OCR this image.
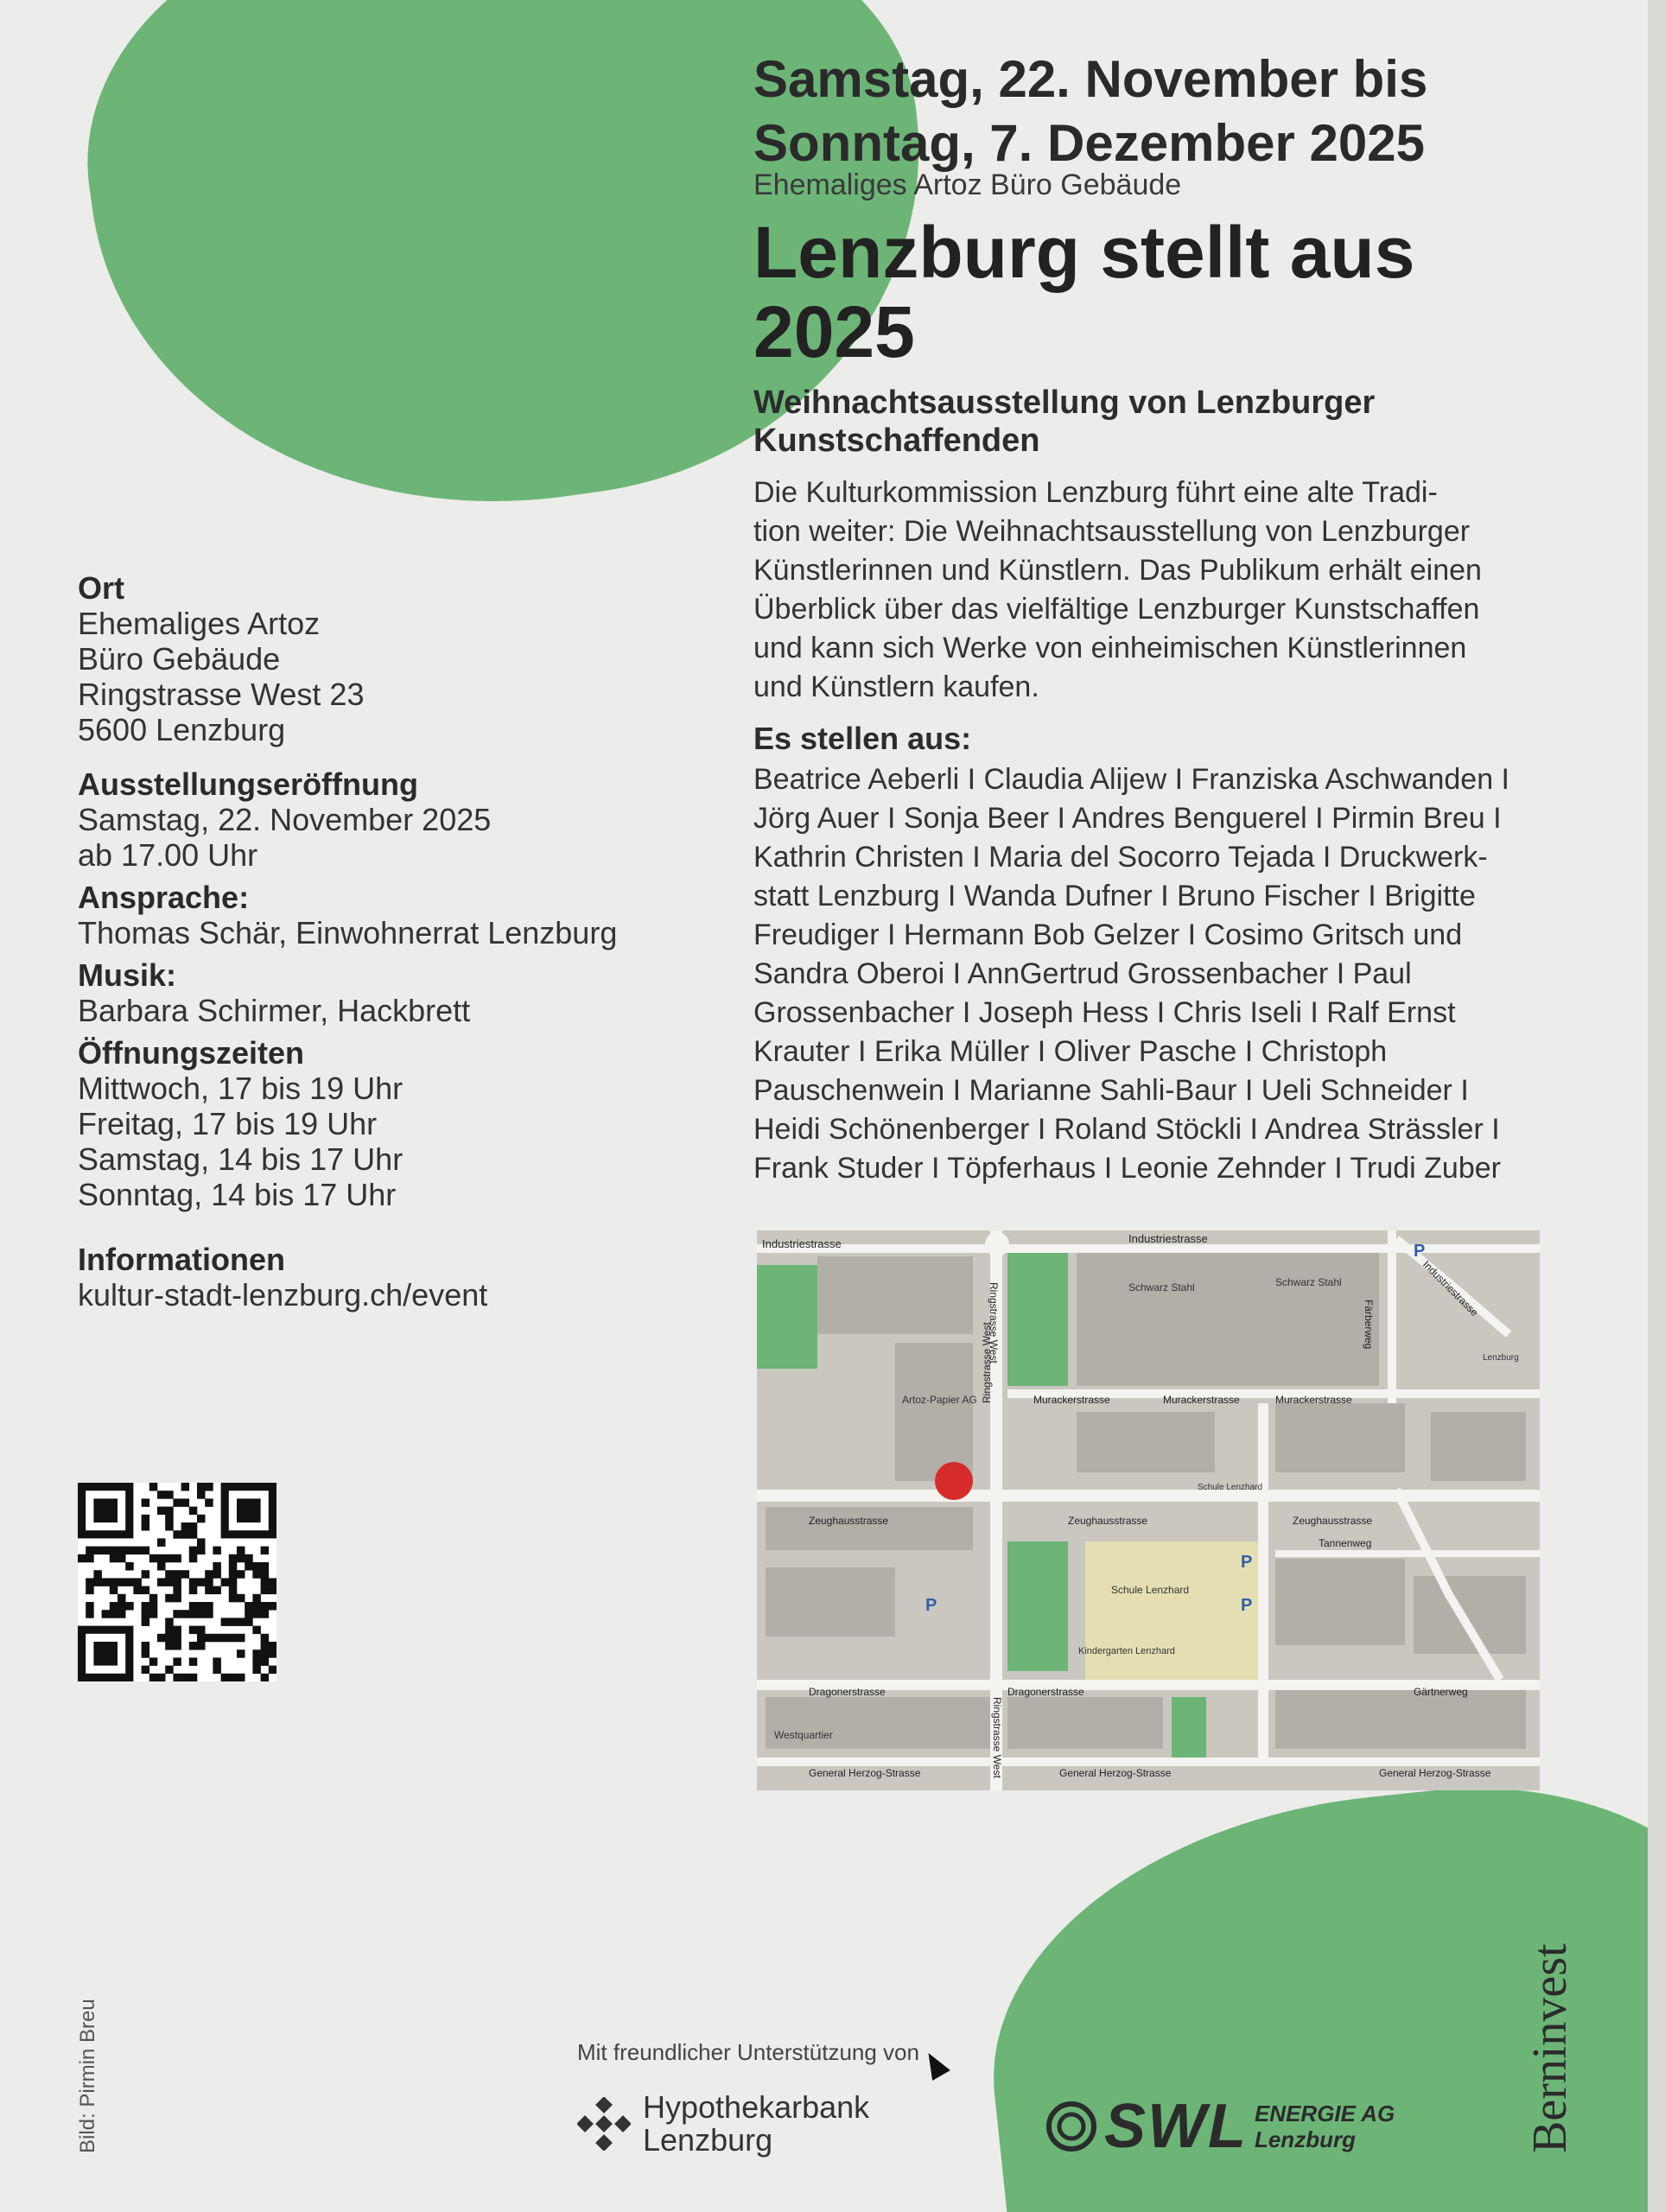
Samstag, 22. November bis
Sonntag, 7. Dezember 2025
Ehemaliges Artoz Büro Gebäude
Lenzburg stellt aus
2025
Weihnachtsausstellung von Lenzburger
Kunstschaffenden
Die Kulturkommission Lenzburg führt eine alte Tradi-
tion weiter: Die Weihnachtsausstellung von Lenzburger
Künstlerinnen und Künstlern. Das Publikum erhält einen
Überblick über das vielfältige Lenzburger Kunstschaffen
und kann sich Werke von einheimischen Künstlerinnen
und Künstlern kaufen.
Es stellen aus:
Beatrice Aeberli I Claudia Alijew I Franziska Aschwanden I
Jörg Auer I Sonja Beer I Andres Benguerel I Pirmin Breu I
Kathrin Christen I Maria del Socorro Tejada I Druckwerk-
statt Lenzburg I Wanda Dufner I Bruno Fischer I Brigitte
Freudiger I Hermann Bob Gelzer I Cosimo Gritsch und
Sandra Oberoi I AnnGertrud Grossenbacher I Paul
Grossenbacher I Joseph Hess I Chris Iseli I Ralf Ernst
Krauter I Erika Müller I Oliver Pasche I Christoph
Pauschenwein I Marianne Sahli-Baur I Ueli Schneider I
Heidi Schönenberger I Roland Stöckli I Andrea Strässler I
Frank Studer I Töpferhaus I Leonie Zehnder I Trudi Zuber
Industriestrasse	Industriestrasse
Industriestrasse
Ringstrasse West
Ringstrasse West
Ringstrasse West
Artoz-Papier AG
Schwarz Stahl	Schwarz Stahl
Murackerstrasse	Murackerstrasse	Murackerstrasse
Zeughausstrasse	Zeughausstrasse	Zeughausstrasse
Schule Lenzhard
Schule Lenzhard
Kindergarten Lenzhard
Tannenweg
Dragonerstrasse	Dragonerstrasse	Gärtnerweg
Westquartier
General Herzog-Strasse	General Herzog-Strasse	General Herzog-Strasse
Färberweg
Lenzburg
P
P
P
P
Ort
Ehemaliges Artoz
Büro Gebäude
Ringstrasse West 23
5600 Lenzburg
Ausstellungseröffnung
Samstag, 22. November 2025
ab 17.00 Uhr
Ansprache:
Thomas Schär, Einwohnerrat Lenzburg
Musik:
Barbara Schirmer, Hackbrett
Öffnungszeiten
Mittwoch, 17 bis 19 Uhr
Freitag, 17 bis 19 Uhr
Samstag, 14 bis 17 Uhr
Sonntag, 14 bis 17 Uhr
Informationen
kultur-stadt-lenzburg.ch/event
Bild: Pirmin Breu	Mit freundlicher Unterstützung von
Hypothekarbank
Lenzburg	SWL ENERGIE AG
Lenzburg	Berninvest
